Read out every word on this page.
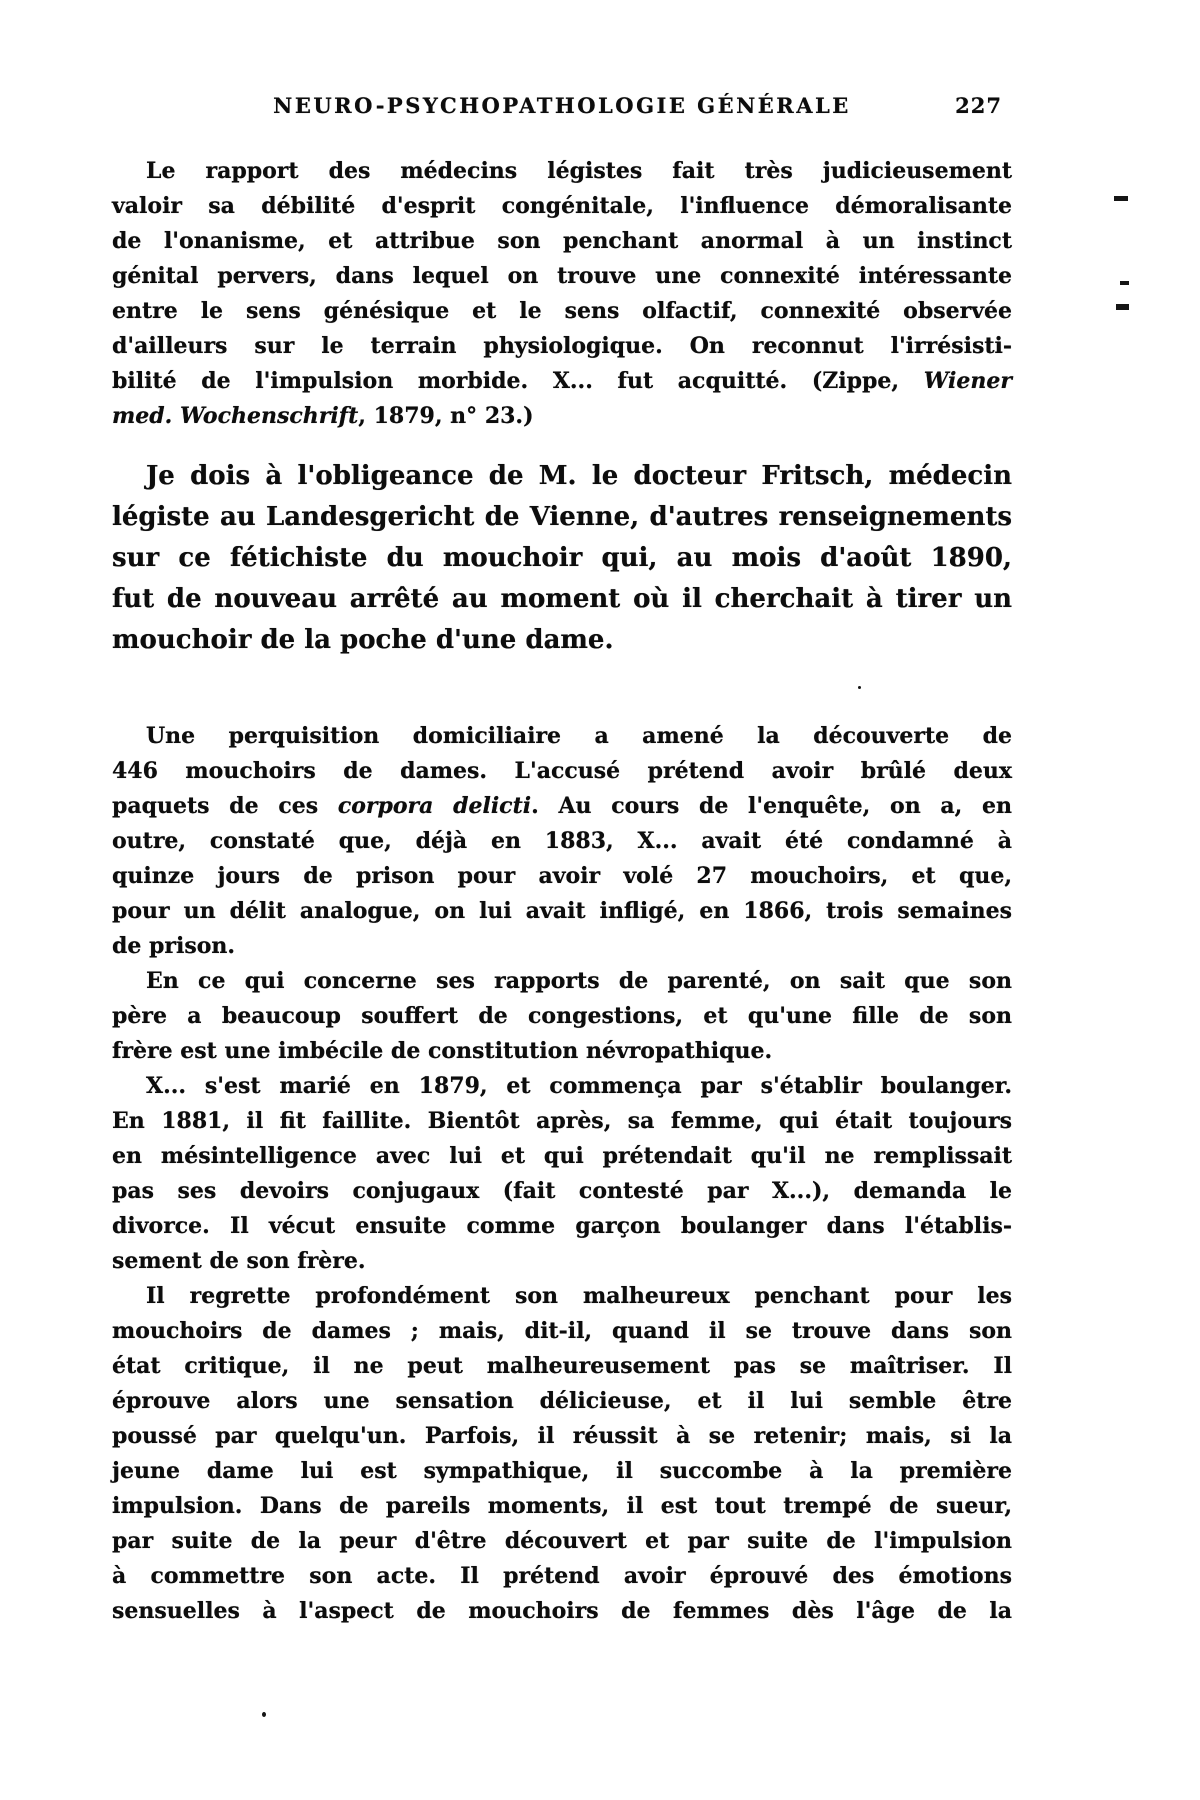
NEURO-PSYCHOPATHOLOGIE GÉNÉRALE	227
Le rapport des médecins légistes fait très judicieusement
valoir sa débilité d'esprit congénitale, l'influence démoralisante
de l'onanisme, et attribue son penchant anormal à un instinct
génital pervers, dans lequel on trouve une connexité intéressante
entre le sens génésique et le sens olfactif, connexité observée
d'ailleurs sur le terrain physiologique. On reconnut l'irrésisti-
bilité de l'impulsion morbide. X... fut acquitté. (Zippe, Wiener
med. Wochenschrift, 1879, n° 23.)
Je dois à l'obligeance de M. le docteur Fritsch, médecin
légiste au Landesgericht de Vienne, d'autres renseignements
sur ce fétichiste du mouchoir qui, au mois d'août 1890,
fut de nouveau arrêté au moment où il cherchait à tirer un
mouchoir de la poche d'une dame.
Une perquisition domiciliaire a amené la découverte de
446 mouchoirs de dames. L'accusé prétend avoir brûlé deux
paquets de ces corpora delicti. Au cours de l'enquête, on a, en
outre, constaté que, déjà en 1883, X... avait été condamné à
quinze jours de prison pour avoir volé 27 mouchoirs, et que,
pour un délit analogue, on lui avait infligé, en 1866, trois semaines
de prison.
En ce qui concerne ses rapports de parenté, on sait que son
père a beaucoup souffert de congestions, et qu'une fille de son
frère est une imbécile de constitution névropathique.
X... s'est marié en 1879, et commença par s'établir boulanger.
En 1881, il fit faillite. Bientôt après, sa femme, qui était toujours
en mésintelligence avec lui et qui prétendait qu'il ne remplissait
pas ses devoirs conjugaux (fait contesté par X...), demanda le
divorce. Il vécut ensuite comme garçon boulanger dans l'établis-
sement de son frère.
Il regrette profondément son malheureux penchant pour les
mouchoirs de dames ; mais, dit-il, quand il se trouve dans son
état critique, il ne peut malheureusement pas se maîtriser. Il
éprouve alors une sensation délicieuse, et il lui semble être
poussé par quelqu'un. Parfois, il réussit à se retenir; mais, si la
jeune dame lui est sympathique, il succombe à la première
impulsion. Dans de pareils moments, il est tout trempé de sueur,
par suite de la peur d'être découvert et par suite de l'impulsion
à commettre son acte. Il prétend avoir éprouvé des émotions
sensuelles à l'aspect de mouchoirs de femmes dès l'âge de la
